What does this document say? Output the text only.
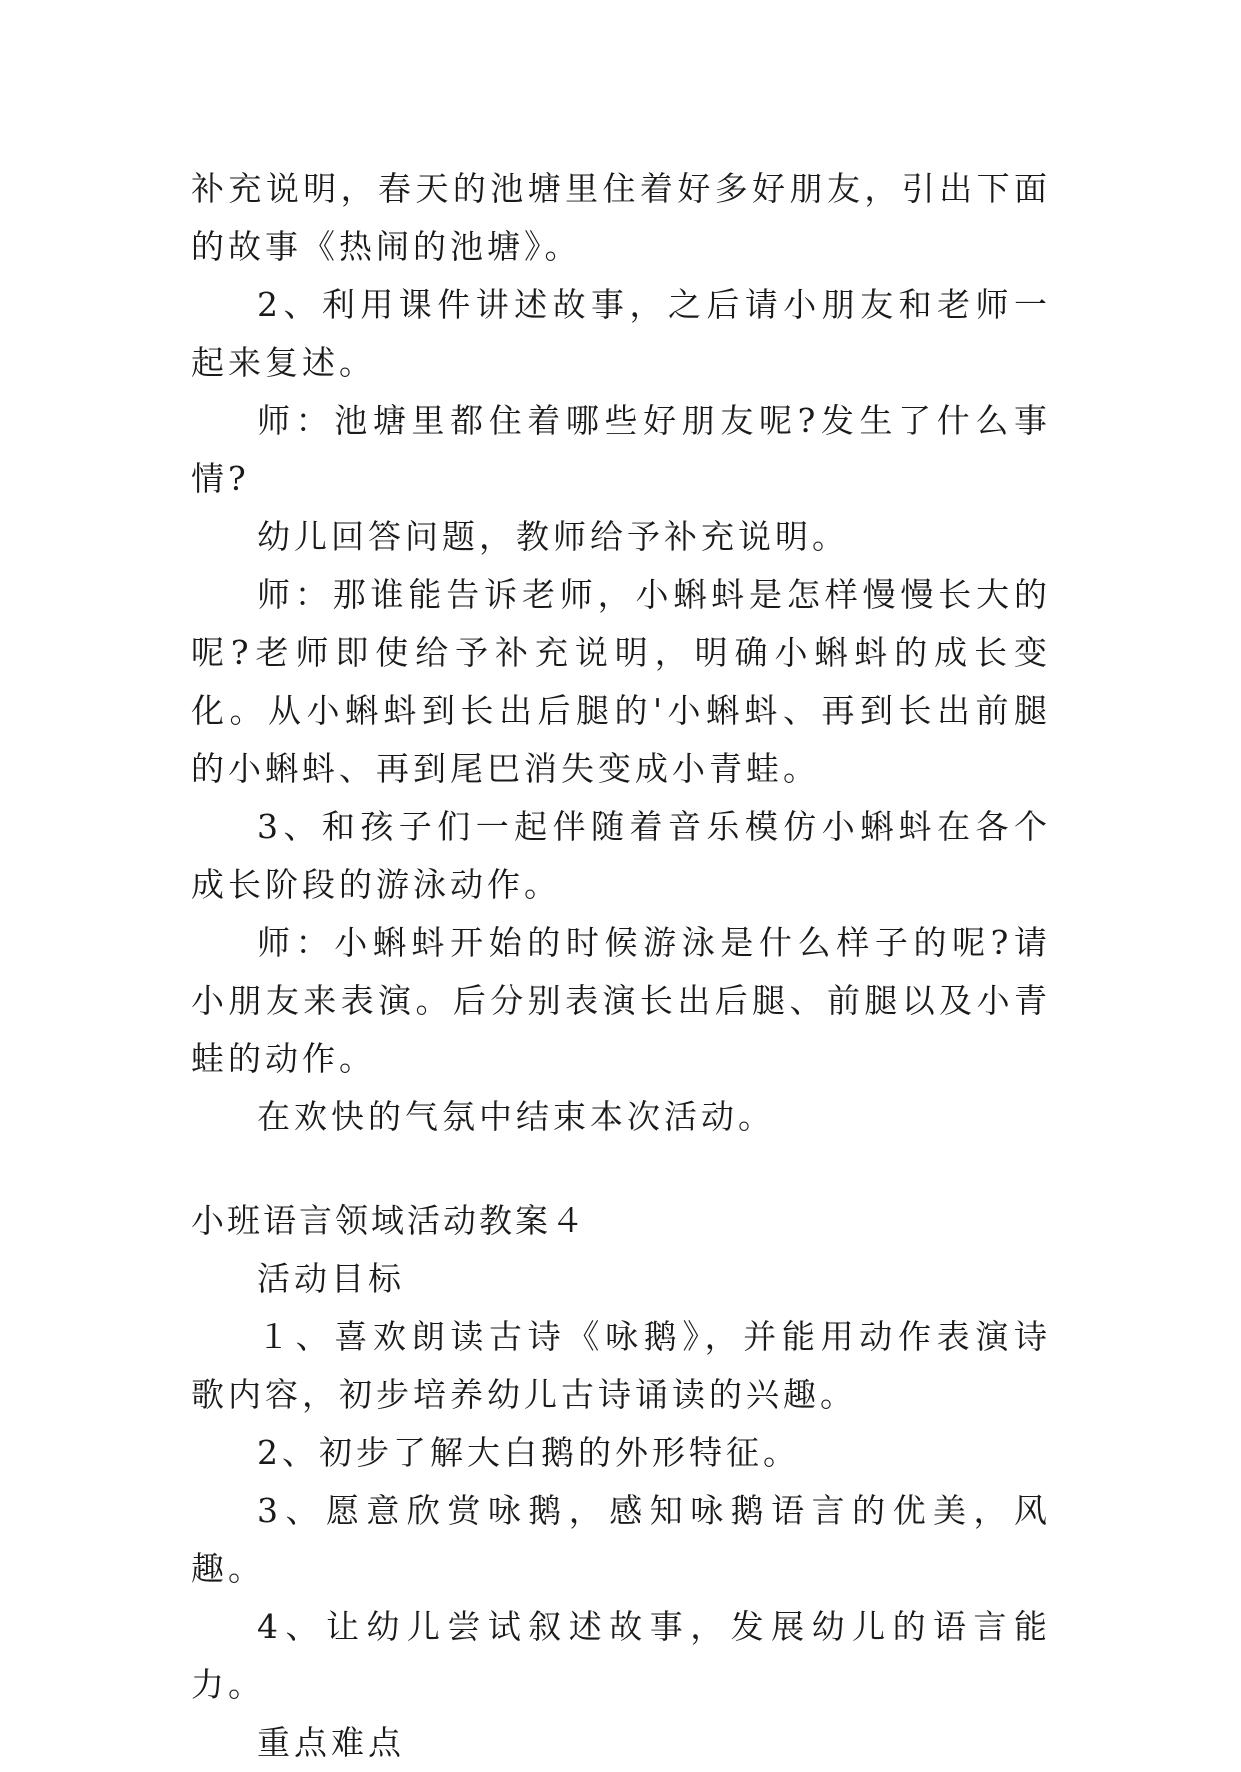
补充说明，春天的池塘里住着好多好朋友，引出下面的故事《热闹的池塘》。

2、利用课件讲述故事，之后请小朋友和老师一起来复述。

师：池塘里都住着哪些好朋友呢?发生了什么事情?

幼儿回答问题，教师给予补充说明。

师：那谁能告诉老师，小蝌蚪是怎样慢慢长大的呢?老师即使给予补充说明，明确小蝌蚪的成长变化。从小蝌蚪到长出后腿的'小蝌蚪、再到长出前腿的小蝌蚪、再到尾巴消失变成小青蛙。

3、和孩子们一起伴随着音乐模仿小蝌蚪在各个成长阶段的游泳动作。

师：小蝌蚪开始的时候游泳是什么样子的呢?请小朋友来表演。后分别表演长出后腿、前腿以及小青蛙的动作。

在欢快的气氛中结束本次活动。

小班语言领域活动教案４

活动目标

１、喜欢朗读古诗《咏鹅》，并能用动作表演诗歌内容，初步培养幼儿古诗诵读的兴趣。

2、初步了解大白鹅的外形特征。

3、愿意欣赏咏鹅，感知咏鹅语言的优美，风趣。

4、让幼儿尝试叙述故事，发展幼儿的语言能力。

重点难点
